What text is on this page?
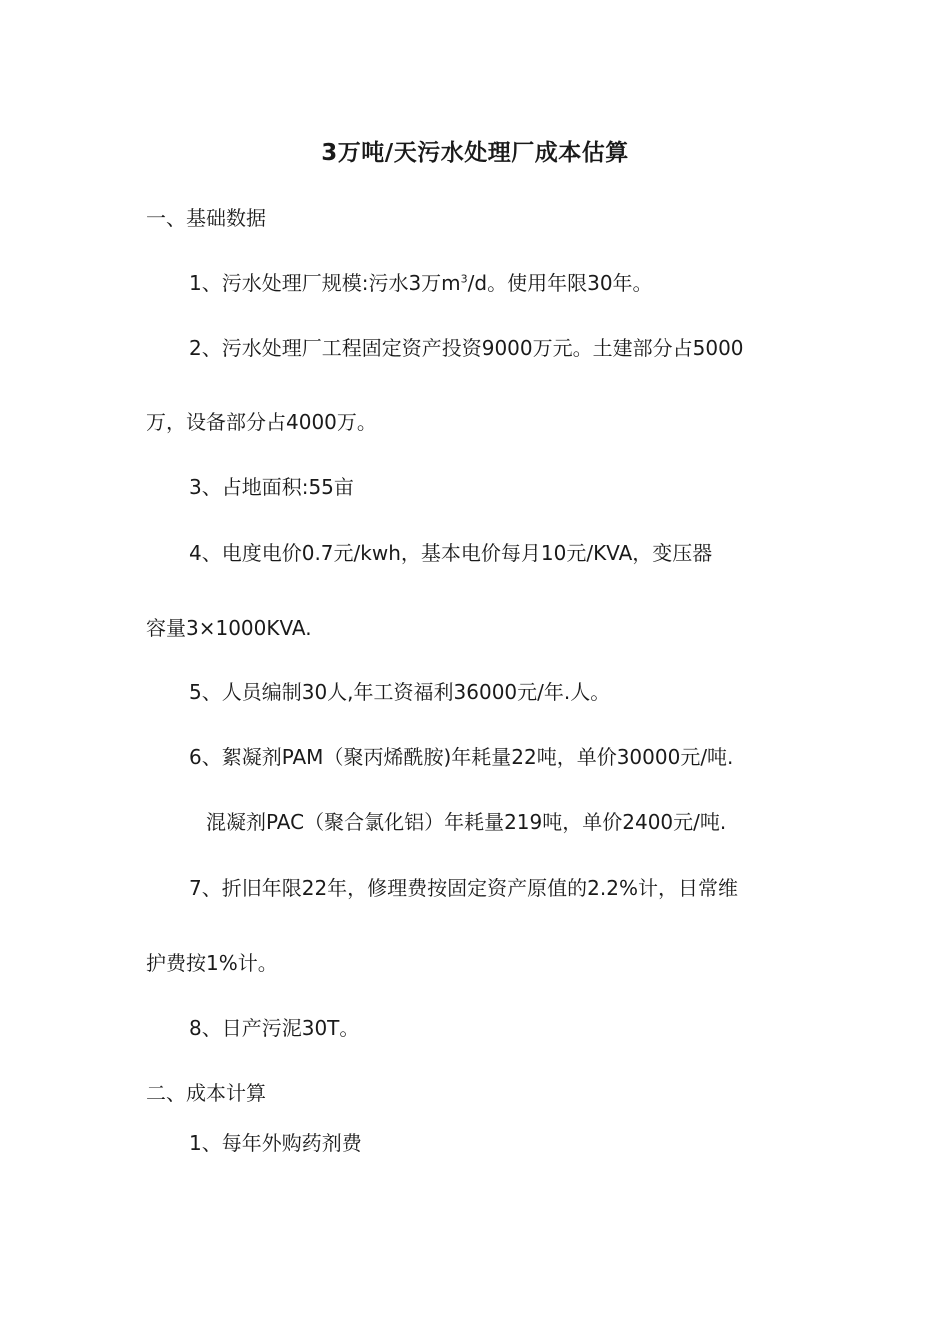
3万吨/天污水处理厂成本估算
一、基础数据
1、污水处理厂规模:污水3万$m^3/d$。使用年限30年。
2、污水处理厂工程固定资产投资9000万元。土建部分占5000
万，设备部分占4000万。
3、占地面积:55亩
4、电度电价0.7元/kwh，基本电价每月10元/KVA，变压器
容量3×1000KVA.
5、人员编制30人,年工资福利36000元/年.人。
6、絮凝剂PAM（聚丙烯酰胺)年耗量22吨，单价30000元/吨.
混凝剂PAC（聚合氯化铝）年耗量219吨，单价2400元/吨.
7、折旧年限22年，修理费按固定资产原值的2.2%计，日常维
护费按1%计。
8、日产污泥30T。
二、成本计算
1、每年外购药剂费
